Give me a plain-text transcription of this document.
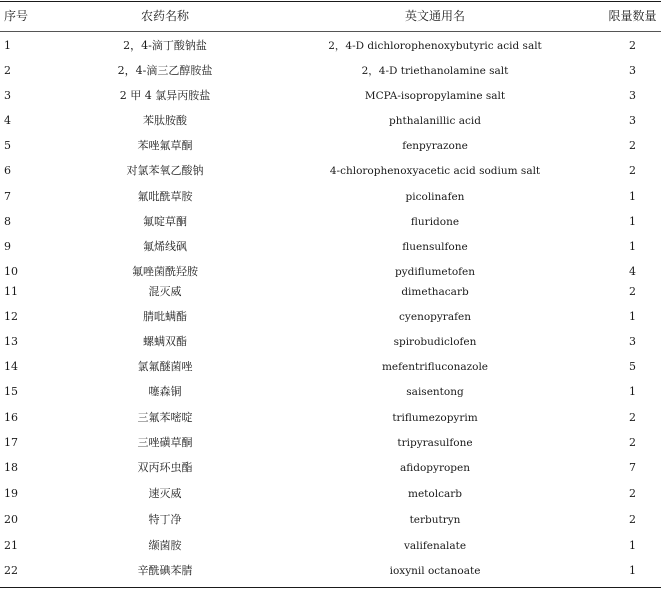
序号	农药名称	英文通用名	限量数量
1	2，4-滴丁酸钠盐	2，4-D dichlorophenoxybutyric acid salt	2
2	2，4-滴三乙醇胺盐	2，4-D triethanolamine salt	3
3	2 甲 4 氯异丙胺盐	MCPA-isopropylamine salt	3
4	苯肽胺酸	phthalanillic acid	3
5	苯唑氟草酮	fenpyrazone	2
6	对氯苯氧乙酸钠	4-chlorophenoxyacetic acid sodium salt	2
7	氟吡酰草胺	picolinafen	1
8	氟啶草酮	fluridone	1
9	氟烯线砜	fluensulfone	1
10	氟唑菌酰羟胺	pydiflumetofen	4
11	混灭威	dimethacarb	2
12	腈吡螨酯	cyenopyrafen	1
13	螺螨双酯	spirobudiclofen	3
14	氯氟醚菌唑	mefentrifluconazole	5
15	噻森铜	saisentong	1
16	三氟苯嘧啶	triflumezopyrim	2
17	三唑磺草酮	tripyrasulfone	2
18	双丙环虫酯	afidopyropen	7
19	速灭威	metolcarb	2
20	特丁净	terbutryn	2
21	缬菌胺	valifenalate	1
22	辛酰碘苯腈	ioxynil octanoate	1
